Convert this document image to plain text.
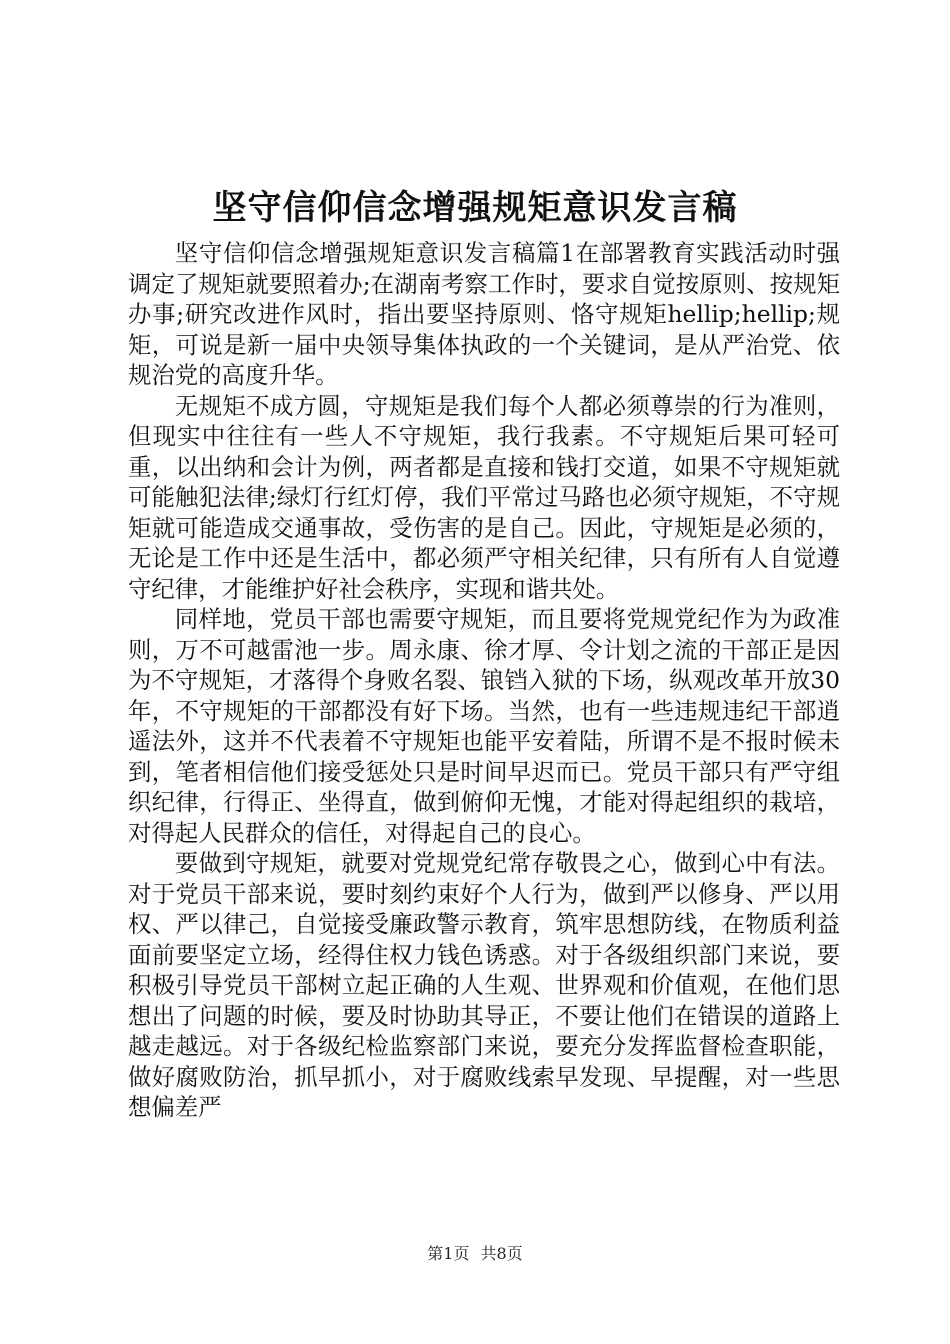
坚守信仰信念增强规矩意识发言稿

坚守信仰信念增强规矩意识发言稿篇1在部署教育实践活动时强调定了规矩就要照着办;在湖南考察工作时，要求自觉按原则、按规矩办事;研究改进作风时，指出要坚持原则、恪守规矩hellip;hellip;规矩，可说是新一届中央领导集体执政的一个关键词，是从严治党、依规治党的高度升华。

无规矩不成方圆，守规矩是我们每个人都必须尊崇的行为准则，但现实中往往有一些人不守规矩，我行我素。不守规矩后果可轻可重，以出纳和会计为例，两者都是直接和钱打交道，如果不守规矩就可能触犯法律;绿灯行红灯停，我们平常过马路也必须守规矩，不守规矩就可能造成交通事故，受伤害的是自己。因此，守规矩是必须的，无论是工作中还是生活中，都必须严守相关纪律，只有所有人自觉遵守纪律，才能维护好社会秩序，实现和谐共处。

同样地，党员干部也需要守规矩，而且要将党规党纪作为为政准则，万不可越雷池一步。周永康、徐才厚、令计划之流的干部正是因为不守规矩，才落得个身败名裂、锒铛入狱的下场，纵观改革开放30年，不守规矩的干部都没有好下场。当然，也有一些违规违纪干部逍遥法外，这并不代表着不守规矩也能平安着陆，所谓不是不报时候未到，笔者相信他们接受惩处只是时间早迟而已。党员干部只有严守组织纪律，行得正、坐得直，做到俯仰无愧，才能对得起组织的栽培，对得起人民群众的信任，对得起自己的良心。

要做到守规矩，就要对党规党纪常存敬畏之心，做到心中有法。对于党员干部来说，要时刻约束好个人行为，做到严以修身、严以用权、严以律己，自觉接受廉政警示教育，筑牢思想防线，在物质利益面前要坚定立场，经得住权力钱色诱惑。对于各级组织部门来说，要积极引导党员干部树立起正确的人生观、世界观和价值观，在他们思想出了问题的时候，要及时协助其导正，不要让他们在错误的道路上越走越远。对于各级纪检监察部门来说，要充分发挥监督检查职能，做好腐败防治，抓早抓小，对于腐败线索早发现、早提醒，对一些思想偏差严

第1页 共8页
